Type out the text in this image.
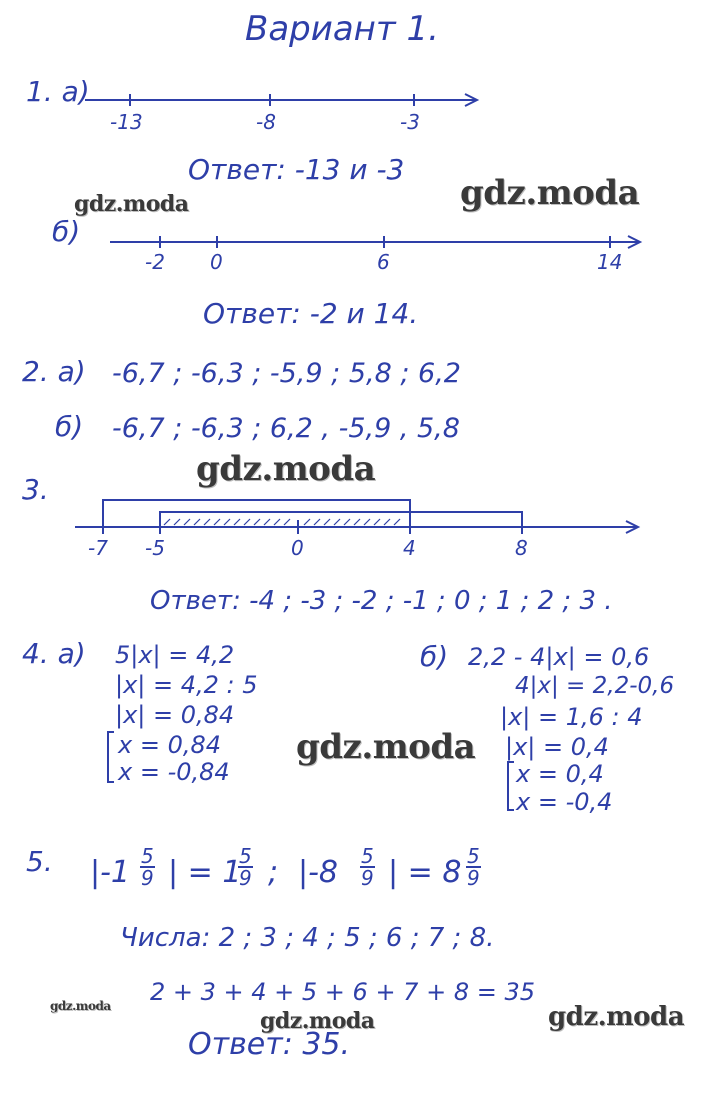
Вариант 1.
1. а)
-13	-8	-3
Ответ: -13 и -3
б)
-2 0	6	14
Ответ: -2 и 14.
2. а) -6,7 ; -6,3 ; -5,9 ; 5,8 ; 6,2
б) -6,7 ; -6,3 ; 6,2 , -5,9 , 5,8
3.
-7 -5	0	4	8
Ответ: -4 ; -3 ; -2 ; -1 ; 0 ; 1 ; 2 ; 3 .
4. а) 5|x| = 4,2
|x| = 4,2 : 5
|x| = 0,84
x = 0,84
x = -0,84
б) 2,2 - 4|x| = 0,6
4|x| = 2,2-0,6
|x| = 1,6 : 4
|x| = 0,4
x = 0,4
x = -0,4
5. $|-1 \frac{5}{9}$ | = 1
$\frac{5}{9}$ ; $|-8 \frac{5}{9}$ | = $8 \frac{5}{9}$
Числа: 2 ; 3 ; 4 ; 5 ; 6 ; 7 ; 8.
2 + 3 + 4 + 5 + 6 + 7 + 8 = 35
Ответ: 35.
gdz.moda	gdz.moda
gdz.moda
gdz.moda
gdz.moda
gdz.moda	gdz.moda
